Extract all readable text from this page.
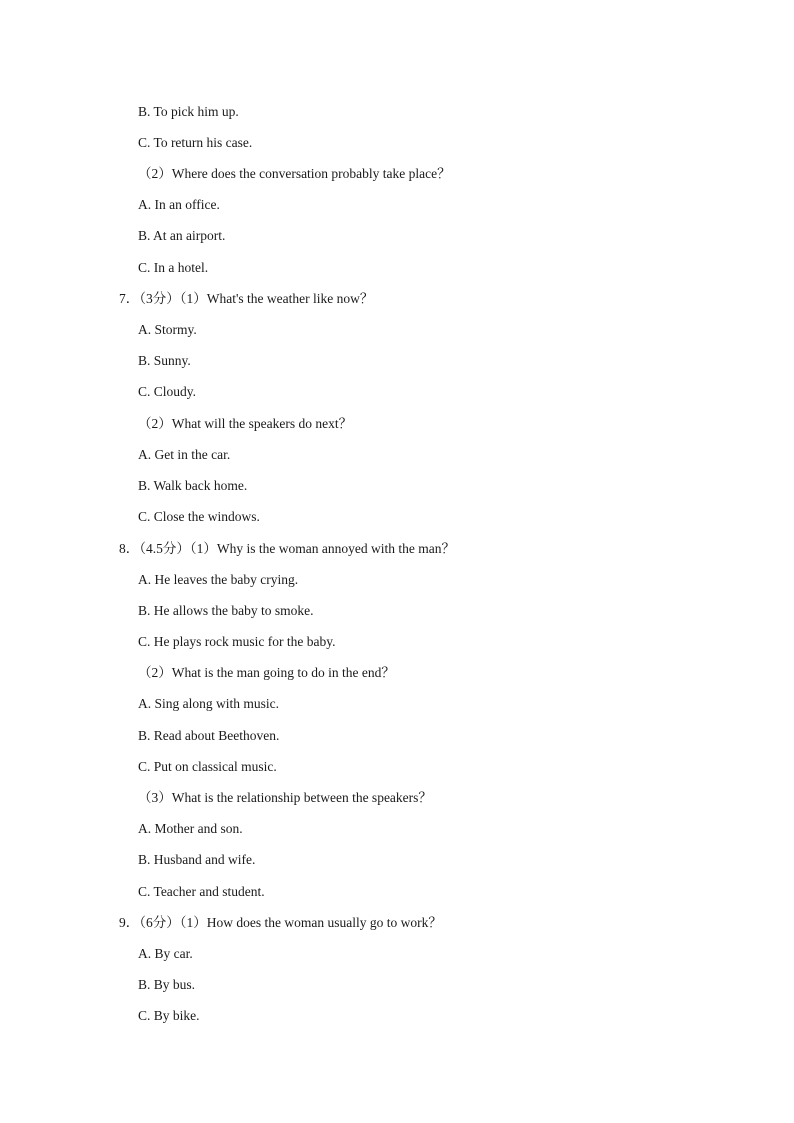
B. To pick him up.
C. To return his case.
（2）Where does the conversation probably take place？
A. In an office.
B. At an airport.
C. In a hotel.
7．（3分）（1）What's the weather like now？
A. Stormy.
B. Sunny.
C. Cloudy.
（2）What will the speakers do next？
A. Get in the car.
B. Walk back home.
C. Close the windows.
8．（4.5分）（1）Why is the woman annoyed with the man？
A. He leaves the baby crying.
B. He allows the baby to smoke.
C. He plays rock music for the baby.
（2）What is the man going to do in the end？
A. Sing along with music.
B. Read about Beethoven.
C. Put on classical music.
（3）What is the relationship between the speakers？
A. Mother and son.
B. Husband and wife.
C. Teacher and student.
9．（6分）（1）How does the woman usually go to work？
A. By car.
B. By bus.
C. By bike.
